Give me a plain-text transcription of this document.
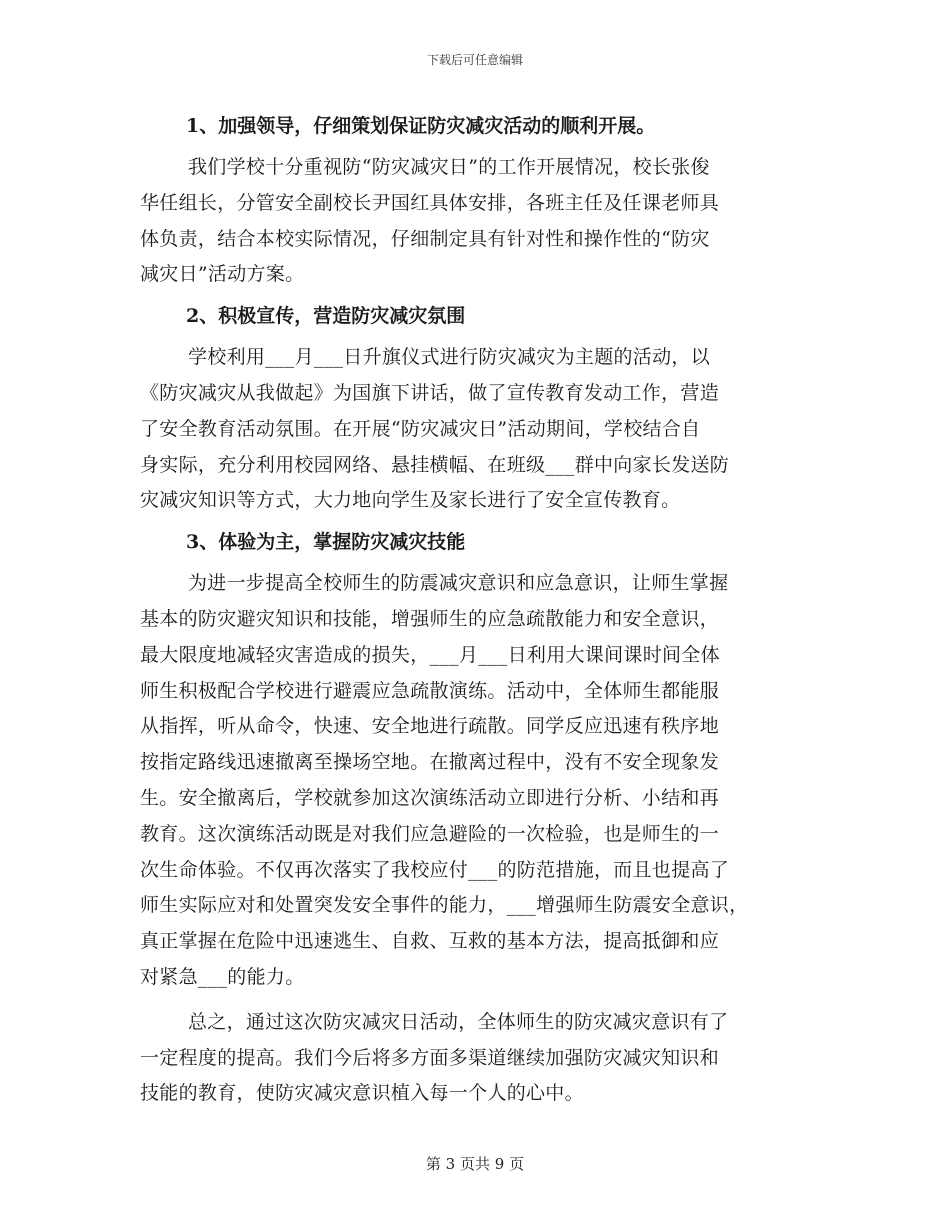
下载后可任意编辑
1、加强领导，仔细策划保证防灾减灾活动的顺利开展。
我们学校十分重视防“防灾减灾日”的工作开展情况，校长张俊
华任组长，分管安全副校长尹国红具体安排，各班主任及任课老师具
体负责，结合本校实际情况，仔细制定具有针对性和操作性的“防灾
减灾日”活动方案。
2、积极宣传，营造防灾减灾氛围
学校利用___月___日升旗仪式进行防灾减灾为主题的活动，以
《防灾减灾从我做起》为国旗下讲话，做了宣传教育发动工作，营造
了安全教育活动氛围。在开展“防灾减灾日”活动期间，学校结合自
身实际，充分利用校园网络、悬挂横幅、在班级___群中向家长发送防
灾减灾知识等方式，大力地向学生及家长进行了安全宣传教育。
3、体验为主，掌握防灾减灾技能
为进一步提高全校师生的防震减灾意识和应急意识，让师生掌握
基本的防灾避灾知识和技能，增强师生的应急疏散能力和安全意识，
最大限度地减轻灾害造成的损失，___月___日利用大课间课时间全体
师生积极配合学校进行避震应急疏散演练。活动中，全体师生都能服
从指挥，听从命令，快速、安全地进行疏散。同学反应迅速有秩序地
按指定路线迅速撤离至操场空地。在撤离过程中，没有不安全现象发
生。安全撤离后，学校就参加这次演练活动立即进行分析、小结和再
教育。这次演练活动既是对我们应急避险的一次检验，也是师生的一
次生命体验。不仅再次落实了我校应付___的防范措施，而且也提高了
师生实际应对和处置突发安全事件的能力，___增强师生防震安全意识，
真正掌握在危险中迅速逃生、自救、互救的基本方法，提高抵御和应
对紧急___的能力。
总之，通过这次防灾减灾日活动，全体师生的防灾减灾意识有了
一定程度的提高。我们今后将多方面多渠道继续加强防灾减灾知识和
技能的教育，使防灾减灾意识植入每一个人的心中。
第 3 页共 9 页
